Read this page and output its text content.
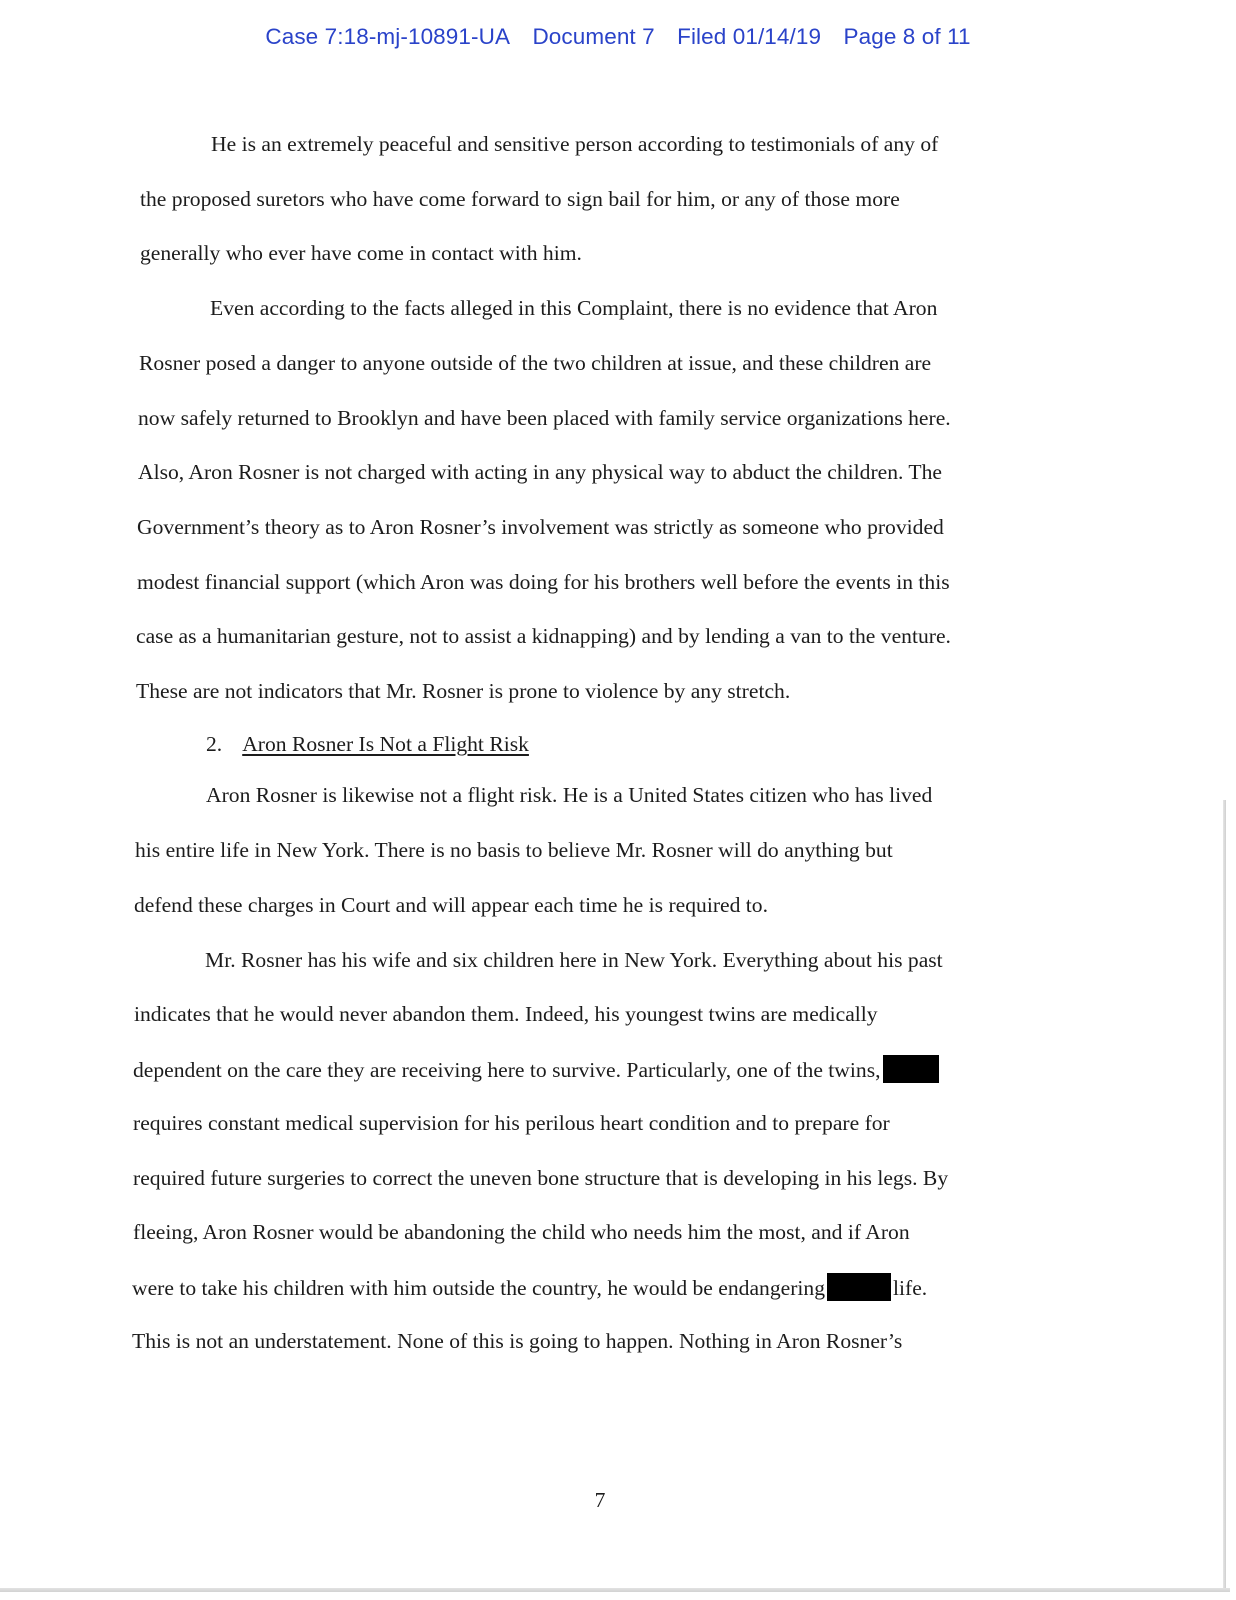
Case 7:18-mj-10891-UA Document 7 Filed 01/14/19 Page 8 of 11
He is an extremely peaceful and sensitive person according to testimonials of any of
the proposed suretors who have come forward to sign bail for him, or any of those more
generally who ever have come in contact with him.
Even according to the facts alleged in this Complaint, there is no evidence that Aron
Rosner posed a danger to anyone outside of the two children at issue, and these children are
now safely returned to Brooklyn and have been placed with family service organizations here.
Also, Aron Rosner is not charged with acting in any physical way to abduct the children. The
Government’s theory as to Aron Rosner’s involvement was strictly as someone who provided
modest financial support (which Aron was doing for his brothers well before the events in this
case as a humanitarian gesture, not to assist a kidnapping) and by lending a van to the venture.
These are not indicators that Mr. Rosner is prone to violence by any stretch.
2. Aron Rosner Is Not a Flight Risk
Aron Rosner is likewise not a flight risk. He is a United States citizen who has lived
his entire life in New York. There is no basis to believe Mr. Rosner will do anything but
defend these charges in Court and will appear each time he is required to.
Mr. Rosner has his wife and six children here in New York. Everything about his past
indicates that he would never abandon them. Indeed, his youngest twins are medically
dependent on the care they are receiving here to survive. Particularly, one of the twins,
requires constant medical supervision for his perilous heart condition and to prepare for
required future surgeries to correct the uneven bone structure that is developing in his legs. By
fleeing, Aron Rosner would be abandoning the child who needs him the most, and if Aron
were to take his children with him outside the country, he would be endangering	life.
This is not an understatement. None of this is going to happen. Nothing in Aron Rosner’s
7
